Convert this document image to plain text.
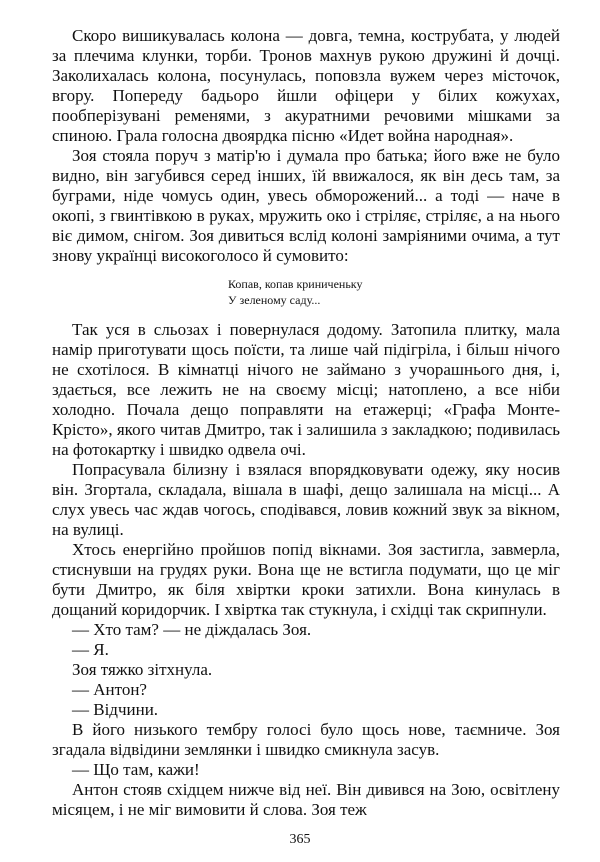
Скоро вишикувалась колона — довга, темна, кострубата, у людей за плечима клунки, торби. Тронов махнув рукою дружині й дочці. Заколихалась колона, посунулась, поповзла вужем через місточок, вгору. Попереду бадьоро йшли офіцери у білих кожухах, пообперізувані ременями, з акуратними речовими мішками за спиною. Грала голосна двоярдка пісню «Идет война народная».

Зоя стояла поруч з матір'ю і думала про батька; його вже не було видно, він загубився серед інших, їй ввижалося, як він десь там, за буграми, ніде чомусь один, увесь обморожений... а тоді — наче в окопі, з гвинтівкою в руках, мружить око і стріляє, стріляє, а на нього віє димом, снігом. Зоя дивиться вслід колоні замріяними очима, а тут знову українці високоголосо й сумовито:

Копав, копав криниченьку
У зеленому саду...

Так уся в сльозах і повернулася додому. Затопила плитку, мала намір приготувати щось поїсти, та лише чай підігріла, і більш нічого не схотілося. В кімнатці нічого не займано з учорашнього дня, і, здається, все лежить не на своєму місці; натоплено, а все ніби холодно. Почала дещо поправляти на етажерці; «Графа Монте-Крісто», якого читав Дмитро, так і залишила з закладкою; подивилась на фотокартку і швидко одвела очі.

Попрасувала білизну і взялася впорядковувати одежу, яку носив він. Згортала, складала, вішала в шафі, дещо залишала на місці... А слух увесь час ждав чогось, сподівався, ловив кожний звук за вікном, на вулиці.

Хтось енергійно пройшов попід вікнами. Зоя застигла, завмерла, стиснувши на грудях руки. Вона ще не встигла подумати, що це міг бути Дмитро, як біля хвіртки кроки затихли. Вона кинулась в дощаний коридорчик. І хвіртка так стукнула, і східці так скрипнули.

— Хто там? — не діждалась Зоя.

— Я.

Зоя тяжко зітхнула.

— Антон?

— Відчини.

В його низького тембру голосі було щось нове, таємниче. Зоя згадала відвідини землянки і швидко смикнула засув.

— Що там, кажи!

Антон стояв східцем нижче від неї. Він дивився на Зою, освітлену місяцем, і не міг вимовити й слова. Зоя теж

365
